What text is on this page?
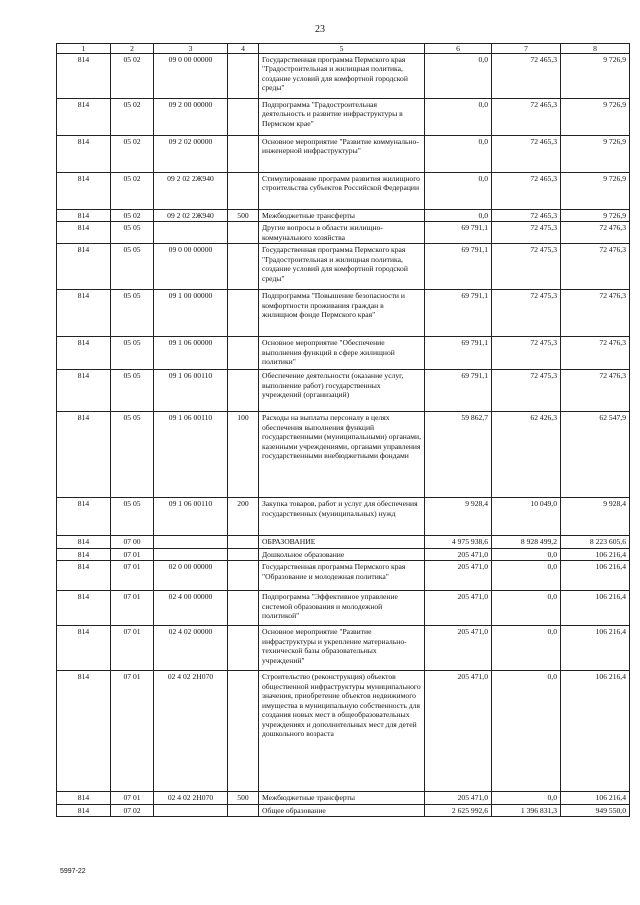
23
1	2	3	4	5	6	7	8
814	05 02	09 0 00 00000		Государственная программа Пермского края "Градостроительная и жилищная политика, создание условий для комфортной городской среды"	0,0	72 465,3	9 726,9
814	05 02	09 2 00 00000		Подпрограмма "Градостроительная деятельность и развитие инфраструктуры в Пермском крае"	0,0	72 465,3	9 726,9
814	05 02	09 2 02 00000		Основное мероприятие "Развитие коммунально-инженерной инфраструктуры"	0,0	72 465,3	9 726,9
814	05 02	09 2 02 2Ж940		Стимулирование программ развития жилищного строительства субъектов Российской Федерации	0,0	72 465,3	9 726,9
814	05 02	09 2 02 2Ж940	500	Межбюджетные трансферты	0,0	72 465,3	9 726,9
814	05 05			Другие вопросы в области жилищно-коммунального хозяйства	69 791,1	72 475,3	72 476,3
814	05 05	09 0 00 00000		Государственная программа Пермского края "Градостроительная и жилищная политика, создание условий для комфортной городской среды"	69 791,1	72 475,3	72 476,3
814	05 05	09 1 00 00000		Подпрограмма "Повышение безопасности и комфортности проживания граждан в жилищном фонде Пермского края"	69 791,1	72 475,3	72 476,3
814	05 05	09 1 06 00000		Основное мероприятие "Обеспечение выполнения функций в сфере жилищной политики"	69 791,1	72 475,3	72 476,3
814	05 05	09 1 06 00110		Обеспечение деятельности (оказание услуг, выполнение работ) государственных учреждений (организаций)	69 791,1	72 475,3	72 476,3
814	05 05	09 1 06 00110	100	Расходы на выплаты персоналу в целях обеспечения выполнения функций государственными (муниципальными) органами, казенными учреждениями, органами управления государственными внебюджетными фондами	59 862,7	62 426,3	62 547,9
814	05 05	09 1 06 00110	200	Закупка товаров, работ и услуг для обеспечения государственных (муниципальных) нужд	9 928,4	10 049,0	9 928,4
814	07 00			ОБРАЗОВАНИЕ	4 975 938,6	8 928 499,2	8 223 605,6
814	07 01			Дошкольное образование	205 471,0	0,0	106 216,4
814	07 01	02 0 00 00000		Государственная программа Пермского края "Образование и молодежная политика"	205 471,0	0,0	106 216,4
814	07 01	02 4 00 00000		Подпрограмма "Эффективное управление системой образования и молодежной политикой"	205 471,0	0,0	106 216,4
814	07 01	02 4 02 00000		Основное мероприятие "Развитие инфраструктуры и укрепление материально-технической базы образовательных учреждений"	205 471,0	0,0	106 216,4
814	07 01	02 4 02 2Н070		Строительство (реконструкция) объектов общественной инфраструктуры муниципального значения, приобретение объектов недвижимого имущества в муниципальную собственность для создания новых мест в общеобразовательных учреждениях и дополнительных мест для детей дошкольного возраста	205 471,0	0,0	106 216,4
814	07 01	02 4 02 2Н070	500	Межбюджетные трансферты	205 471,0	0,0	106 216,4
814	07 02			Общее образование	2 625 992,6	1 396 831,3	949 550,0
5997-22
